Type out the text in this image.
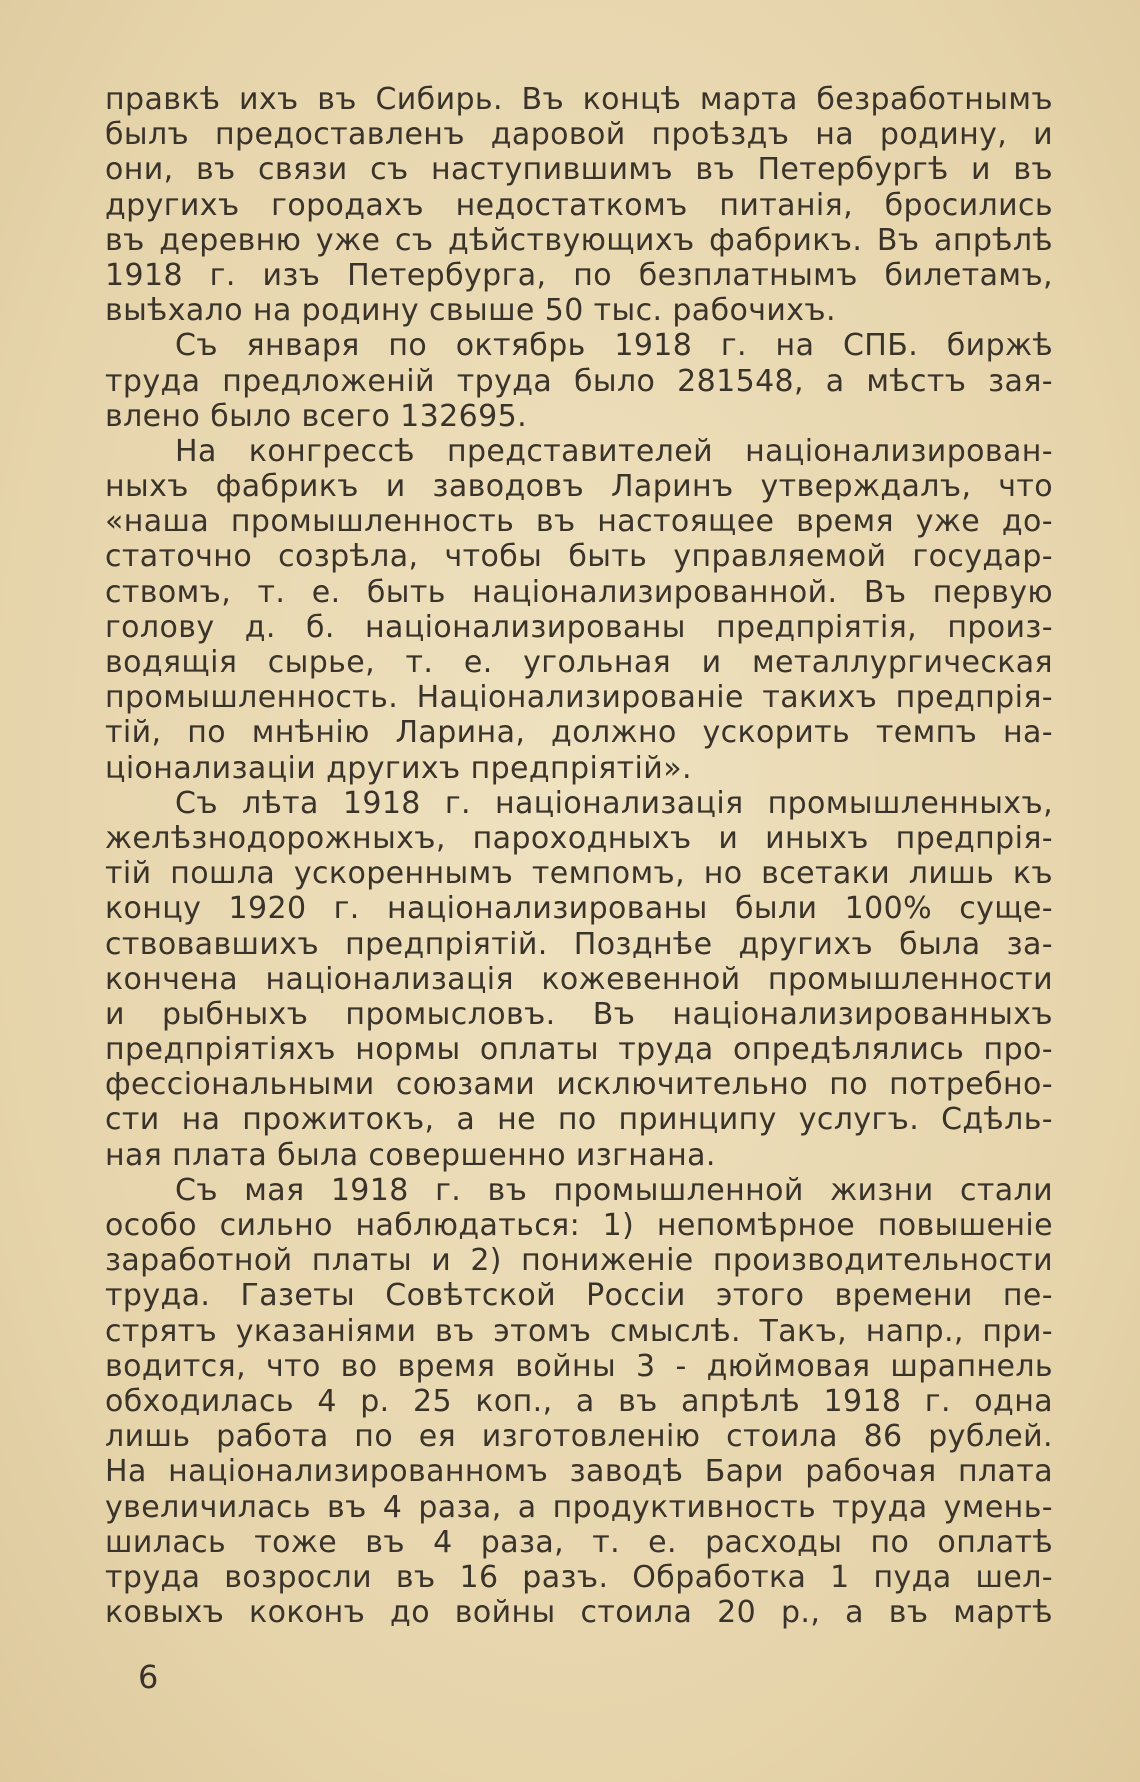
правкѣ ихъ въ Сибирь. Въ концѣ марта безработнымъ
былъ предоставленъ даровой проѣздъ на родину, и
они, въ связи съ наступившимъ въ Петербургѣ и въ
другихъ городахъ недостаткомъ питанія, бросились
въ деревню уже съ дѣйствующихъ фабрикъ. Въ апрѣлѣ
1918 г. изъ Петербурга, по безплатнымъ билетамъ,
выѣхало на родину свыше 50 тыс. рабочихъ.
Съ января по октябрь 1918 г. на СПБ. биржѣ
труда предложеній труда было 281548, а мѣстъ зая-
влено было всего 132695.
На конгрессѣ представителей націонализирован-
ныхъ фабрикъ и заводовъ Ларинъ утверждалъ, что
«наша промышленность въ настоящее время уже до-
статочно созрѣла, чтобы быть управляемой государ-
ствомъ, т. е. быть націонализированной. Въ первую
голову д. б. націонализированы предпріятія, произ-
водящія сырье, т. е. угольная и металлургическая
промышленность. Націонализированіе такихъ предпрія-
тій, по мнѣнію Ларина, должно ускорить темпъ на-
ціонализаціи другихъ предпріятій».
Съ лѣта 1918 г. націонализація промышленныхъ,
желѣзнодорожныхъ, пароходныхъ и иныхъ предпрія-
тій пошла ускореннымъ темпомъ, но всетаки лишь къ
концу 1920 г. націонализированы были 100% суще-
ствовавшихъ предпріятій. Позднѣе другихъ была за-
кончена націонализація кожевенной промышленности
и рыбныхъ промысловъ. Въ націонализированныхъ
предпріятіяхъ нормы оплаты труда опредѣлялись про-
фессіональными союзами исключительно по потребно-
сти на прожитокъ, а не по принципу услугъ. Сдѣль-
ная плата была совершенно изгнана.
Съ мая 1918 г. въ промышленной жизни стали
особо сильно наблюдаться: 1) непомѣрное повышеніе
заработной платы и 2) пониженіе производительности
труда. Газеты Совѣтской Россіи этого времени пе-
стрятъ указаніями въ этомъ смыслѣ. Такъ, напр., при-
водится, что во время войны 3 - дюймовая шрапнель
обходилась 4 р. 25 коп., а въ апрѣлѣ 1918 г. одна
лишь работа по ея изготовленію стоила 86 рублей.
На націонализированномъ заводѣ Бари рабочая плата
увеличилась въ 4 раза, а продуктивность труда умень-
шилась тоже въ 4 раза, т. е. расходы по оплатѣ
труда возросли въ 16 разъ. Обработка 1 пуда шел-
ковыхъ коконъ до войны стоила 20 р., а въ мартѣ
6
